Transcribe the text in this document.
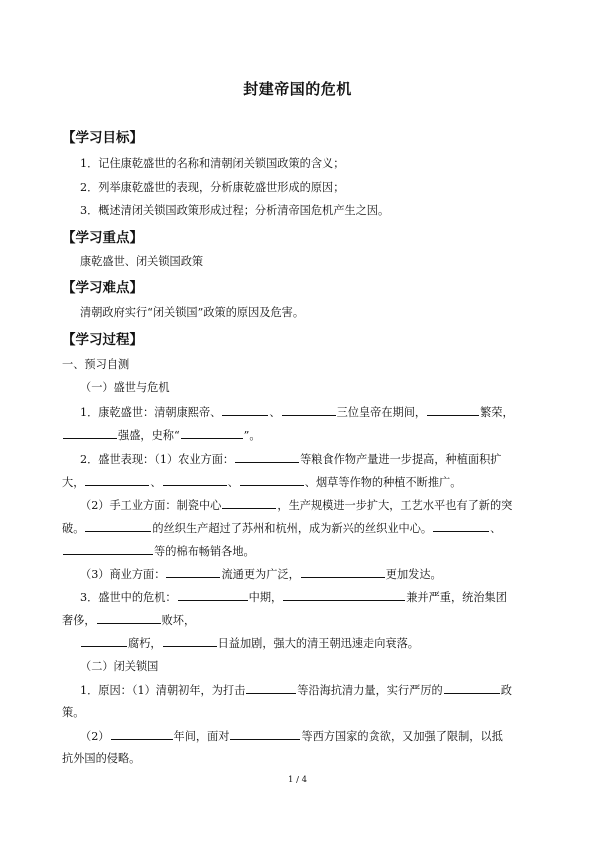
封建帝国的危机
【学习目标】
1．记住康乾盛世的名称和清朝闭关锁国政策的含义；
2．列举康乾盛世的表现，分析康乾盛世形成的原因；
3．概述清闭关锁国政策形成过程；分析清帝国危机产生之因。
【学习重点】
康乾盛世、闭关锁国政策
【学习难点】
清朝政府实行“闭关锁国”政策的原因及危害。
【学习过程】
一、预习自测
（一）盛世与危机
1．康乾盛世：清朝康熙帝、	、	三位皇帝在期间，	繁荣，
强盛，史称“	”。
2．盛世表现：（1）农业方面：	等粮食作物产量进一步提高，种植面积扩
大，	、	、	、烟草等作物的种植不断推广。
（2）手工业方面：制瓷中心	，生产规模进一步扩大，工艺水平也有了新的突
破。	的丝织生产超过了苏州和杭州，成为新兴的丝织业中心。	、
等的棉布畅销各地。
（3）商业方面：	流通更为广泛，	更加发达。
3．盛世中的危机：	中期，	兼并严重，统治集团
奢侈，	败坏，
腐朽，	日益加剧，强大的清王朝迅速走向衰落。
（二）闭关锁国
1．原因：（1）清朝初年，为打击	等沿海抗清力量，实行严厉的	政
策。
（2）	年间，面对	等西方国家的贪欲，又加强了限制，以抵
抗外国的侵略。
1 / 4
